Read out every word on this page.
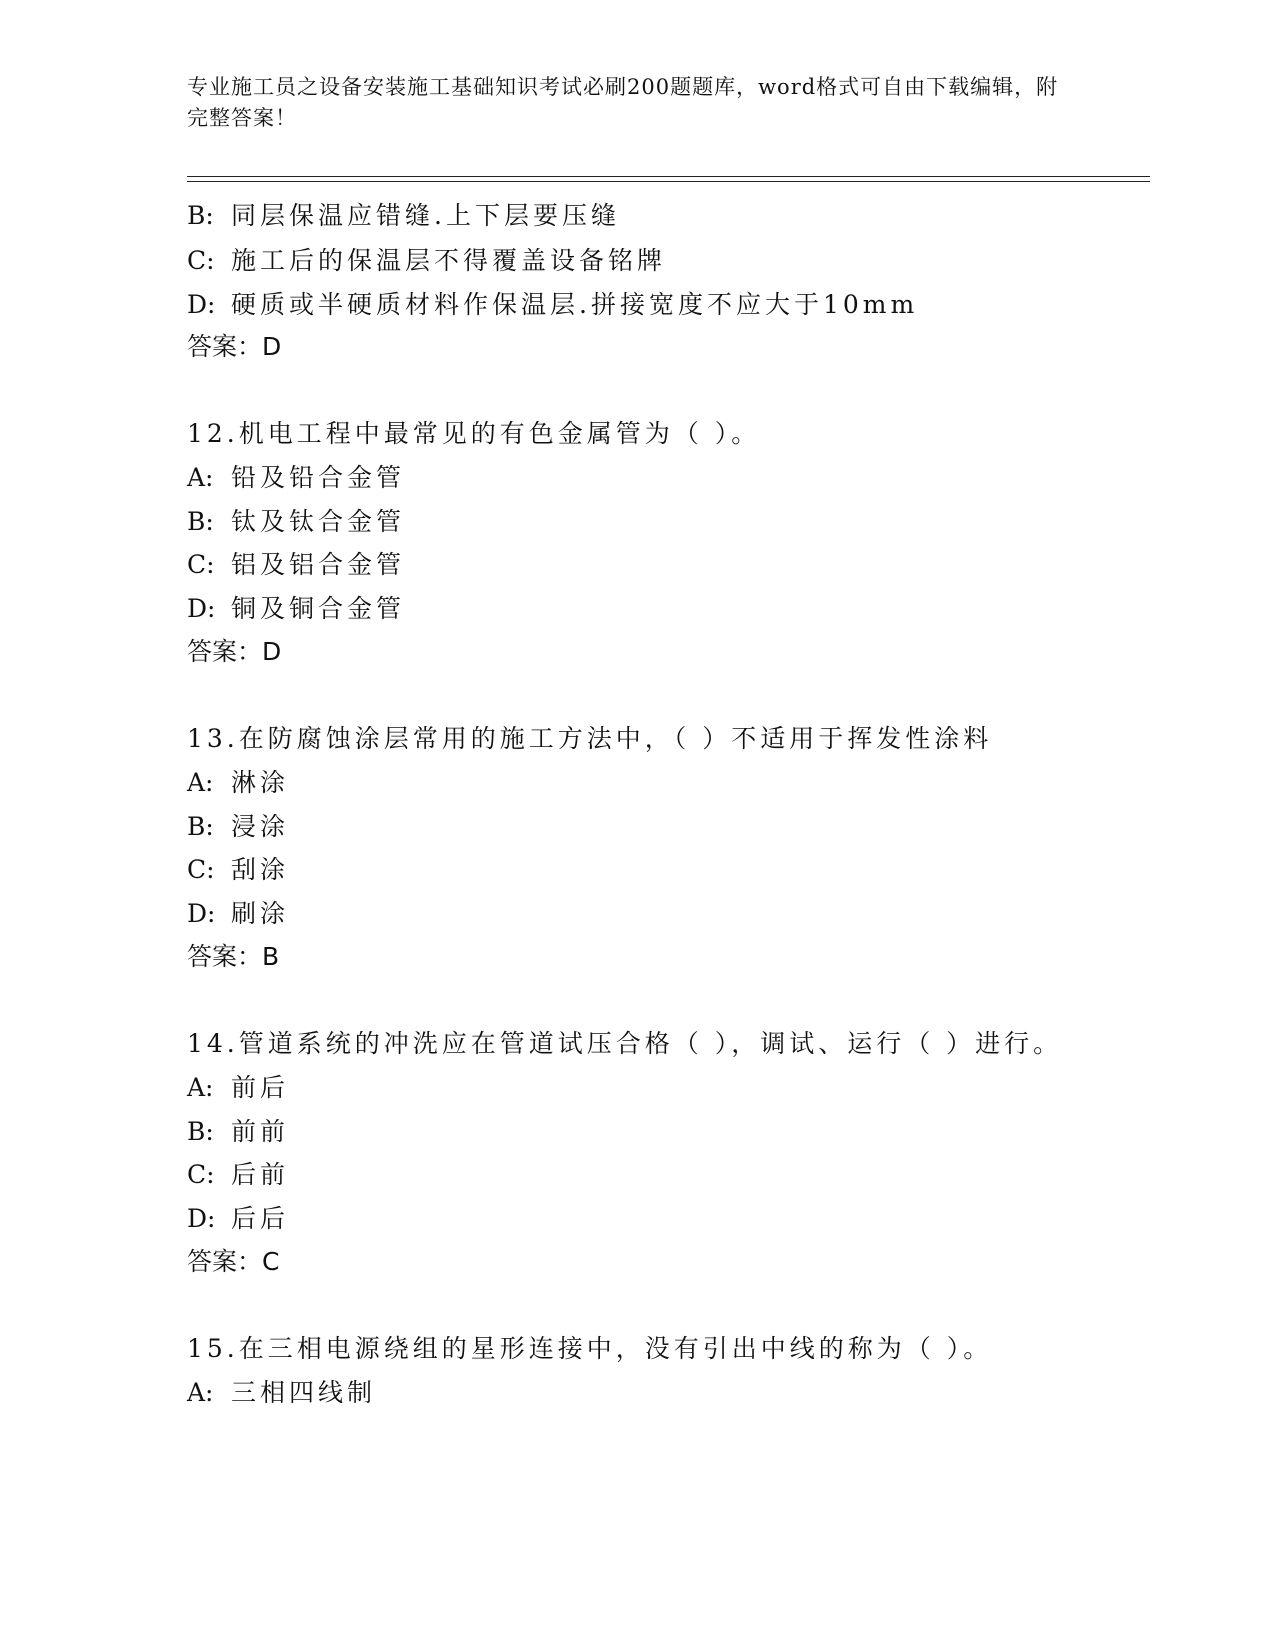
专业施工员之设备安装施工基础知识考试必刷200题题库，word格式可自由下载编辑，附完整答案！
B: 同层保温应错缝.上下层要压缝
C: 施工后的保温层不得覆盖设备铭牌
D: 硬质或半硬质材料作保温层.拼接宽度不应大于10mm
答案：D
12.机电工程中最常见的有色金属管为（ ）。
A: 铅及铅合金管
B: 钛及钛合金管
C: 铝及铝合金管
D: 铜及铜合金管
答案：D
13.在防腐蚀涂层常用的施工方法中，（ ）不适用于挥发性涂料
A: 淋涂
B: 浸涂
C: 刮涂
D: 刷涂
答案：B
14.管道系统的冲洗应在管道试压合格（ ），调试、运行（ ）进行。
A: 前后
B: 前前
C: 后前
D: 后后
答案：C
15.在三相电源绕组的星形连接中，没有引出中线的称为（ ）。
A: 三相四线制
